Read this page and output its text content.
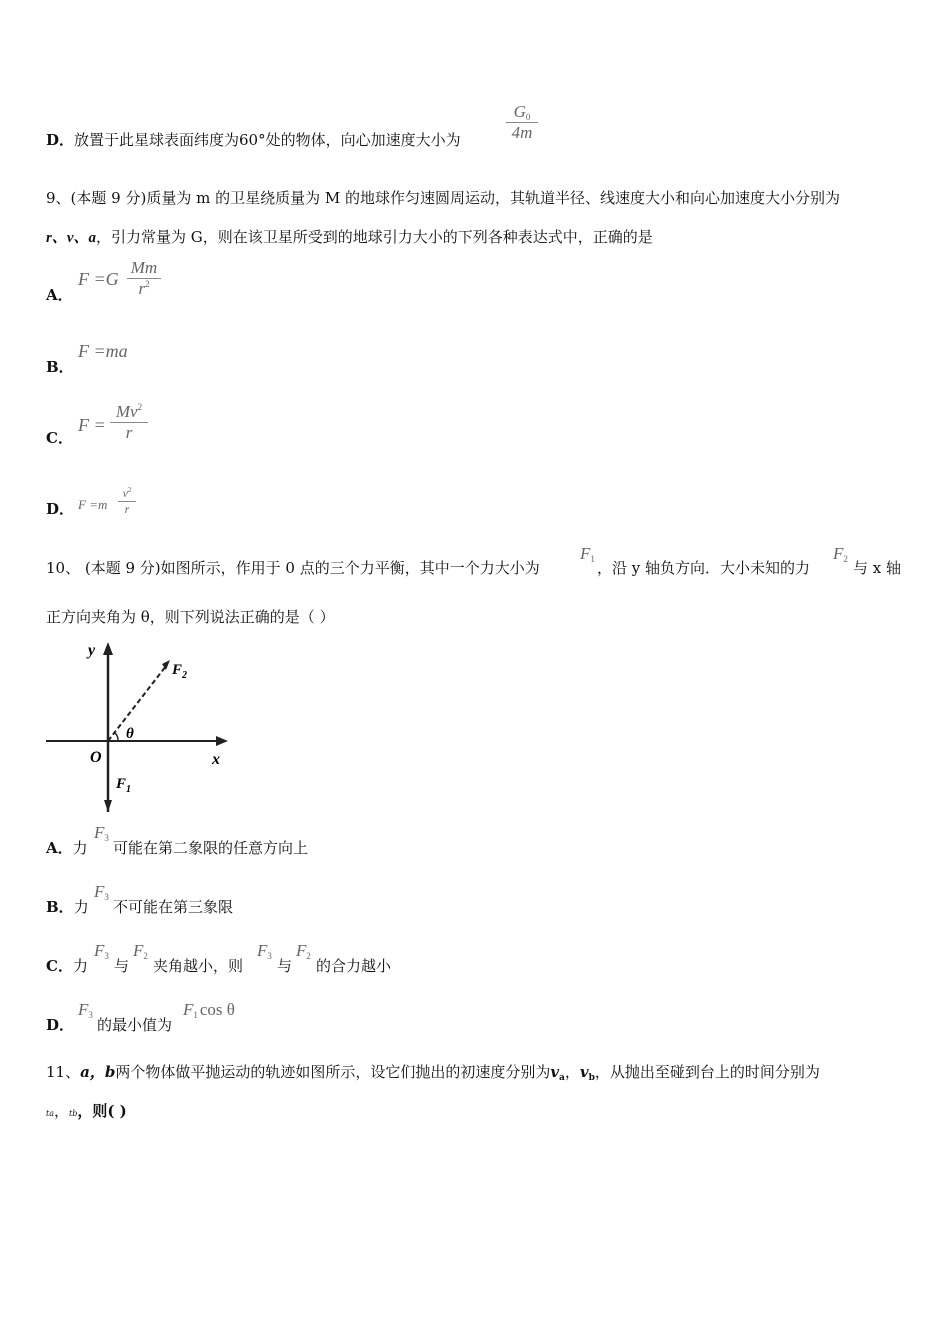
D．放置于此星球表面纬度为60°处的物体，向心加速度大小为	$\frac{G_0}{4m}$
9、(本题 9 分)质量为 m 的卫星绕质量为 M 的地球作匀速圆周运动，其轨道半径、线速度大小和向心加速度大小分别为
r、v、a，引力常量为 G，则在该卫星所受到的地球引力大小的下列各种表达式中，正确的是
A．
$F =G \frac{Mm}{r^2}$
B．
F =ma
C．
$F = \frac{Mv^2}{r}$
D． $F =m \frac{v^2}{r}$
10、 (本题 9 分)如图所示，作用于 0 点的三个力平衡，其中一个力大小为
$F_1$ ，沿 y 轴负方向．大小未知的力
$F_2$ 与 x 轴
正方向夹角为 θ，则下列说法正确的是（ ）
y
x
O
θ
$F_2$
$F_1$
A．力
$F_3$
可能在第二象限的任意方向上
B．力
$F_3$
不可能在第三象限
C．力
$F_3$
与
$F_2$
夹角越小，则
$F_3$
与
$F_2$
的合力越小
D．
$F_3$
的最小值为
$F_1$ cos θ
11、a，b两个物体做平抛运动的轨迹如图所示，设它们抛出的初速度分别为$v_a$，$v_b$，从抛出至碰到台上的时间分别为
ta，tb，则( )
